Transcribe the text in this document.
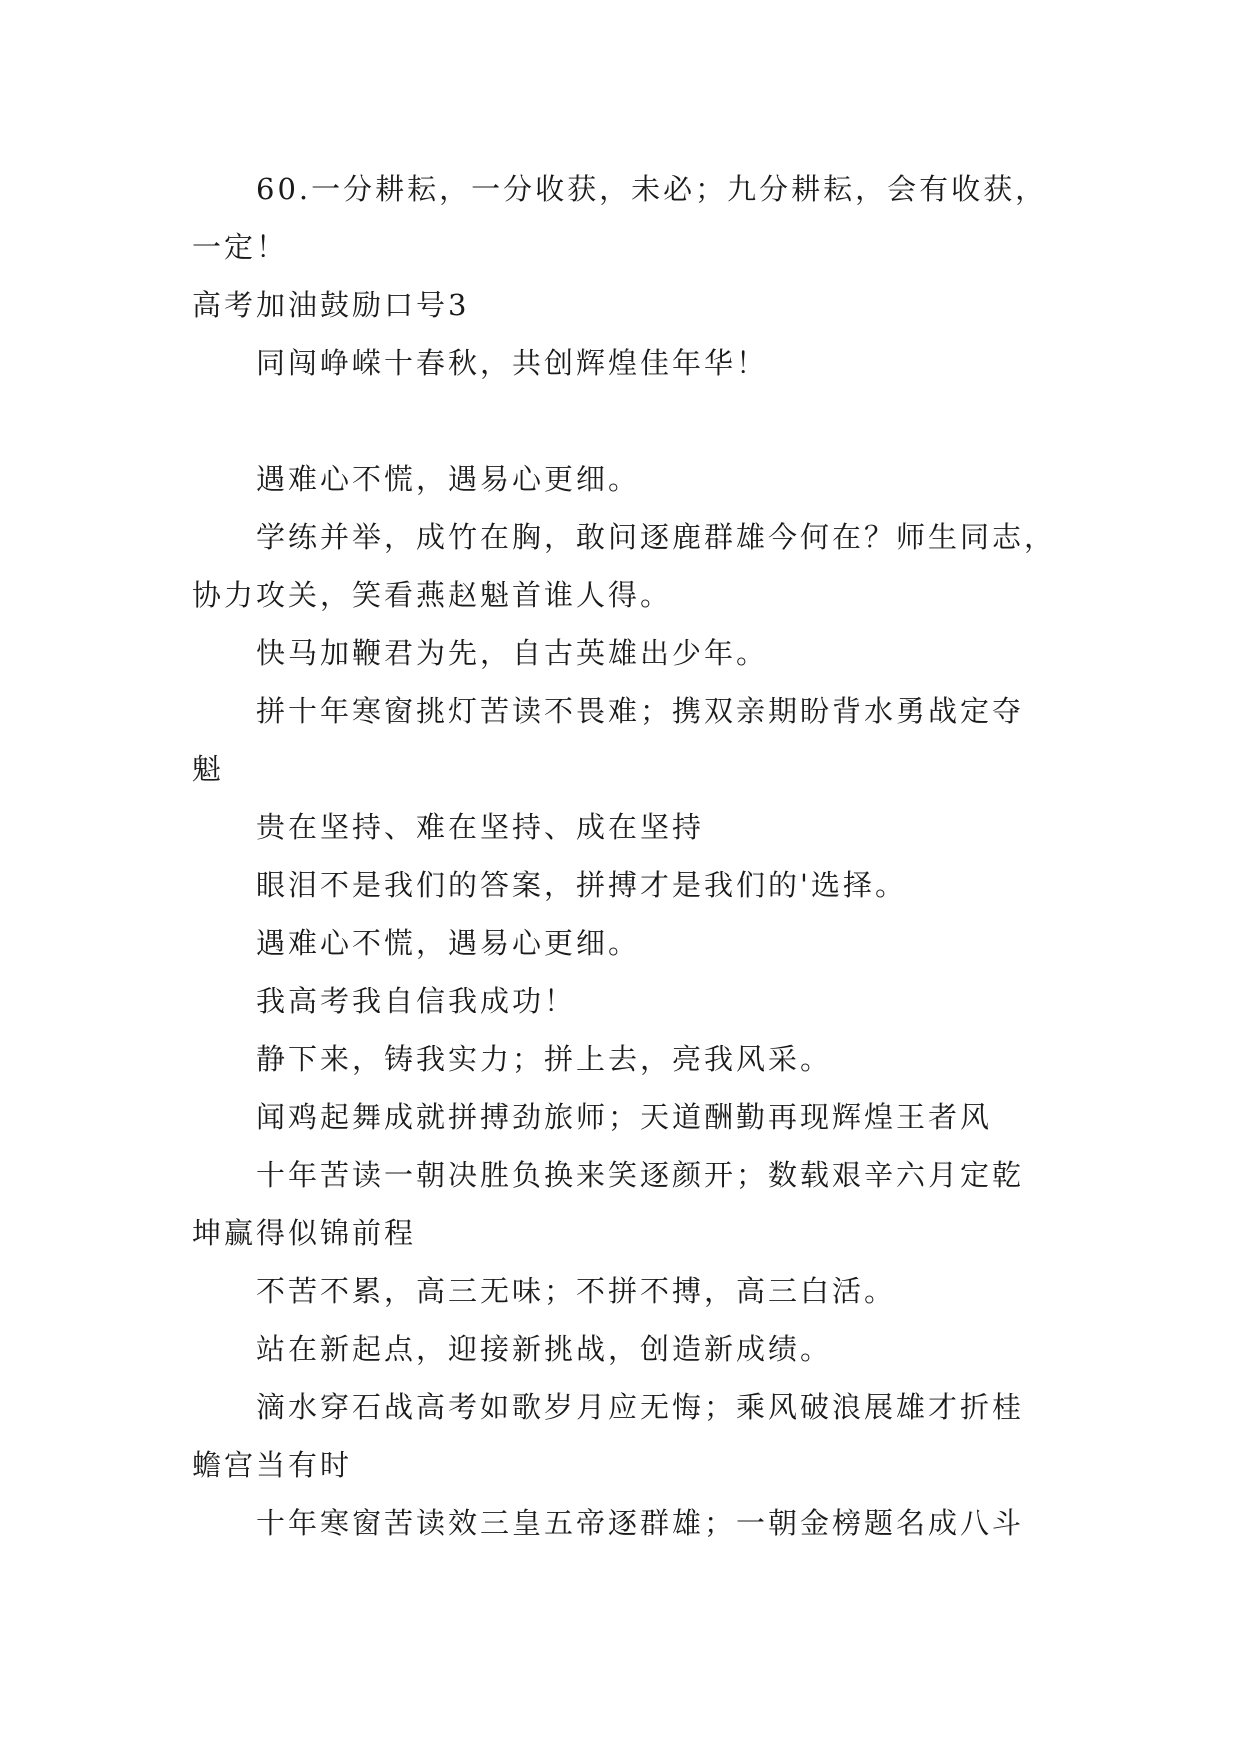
60.一分耕耘，一分收获，未必；九分耕耘，会有收获，
一定！
高考加油鼓励口号3
同闯峥嵘十春秋，共创辉煌佳年华！
遇难心不慌，遇易心更细。
学练并举，成竹在胸，敢问逐鹿群雄今何在？师生同志，
协力攻关，笑看燕赵魁首谁人得。
快马加鞭君为先，自古英雄出少年。
拼十年寒窗挑灯苦读不畏难；携双亲期盼背水勇战定夺
魁
贵在坚持、难在坚持、成在坚持
眼泪不是我们的答案，拼搏才是我们的'选择。
遇难心不慌，遇易心更细。
我高考我自信我成功！
静下来，铸我实力；拼上去，亮我风采。
闻鸡起舞成就拼搏劲旅师；天道酬勤再现辉煌王者风
十年苦读一朝决胜负换来笑逐颜开；数载艰辛六月定乾
坤赢得似锦前程
不苦不累，高三无味；不拼不搏，高三白活。
站在新起点，迎接新挑战，创造新成绩。
滴水穿石战高考如歌岁月应无悔；乘风破浪展雄才折桂
蟾宫当有时
十年寒窗苦读效三皇五帝逐群雄；一朝金榜题名成八斗
